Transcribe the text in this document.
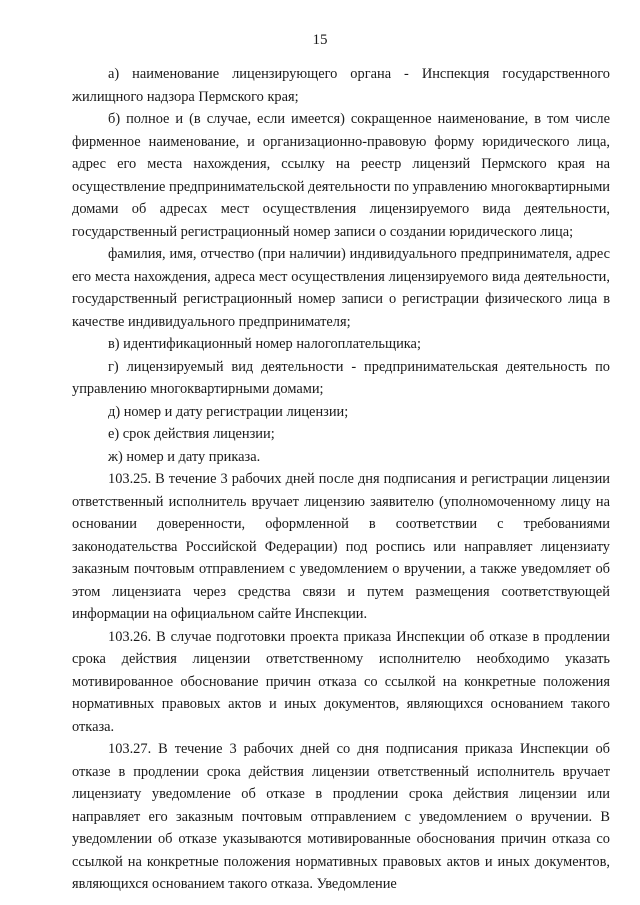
15

а) наименование лицензирующего органа - Инспекция государственного жилищного надзора Пермского края;

б) полное и (в случае, если имеется) сокращенное наименование, в том числе фирменное наименование, и организационно-правовую форму юридического лица, адрес его места нахождения, ссылку на реестр лицензий Пермского края на осуществление предпринимательской деятельности по управлению многоквартирными домами об адресах мест осуществления лицензируемого вида деятельности, государственный регистрационный номер записи о создании юридического лица;

фамилия, имя, отчество (при наличии) индивидуального предпринимателя, адрес его места нахождения, адреса мест осуществления лицензируемого вида деятельности, государственный регистрационный номер записи о регистрации физического лица в качестве индивидуального предпринимателя;

в) идентификационный номер налогоплательщика;

г) лицензируемый вид деятельности - предпринимательская деятельность по управлению многоквартирными домами;

д) номер и дату регистрации лицензии;

е) срок действия лицензии;

ж) номер и дату приказа.

103.25. В течение 3 рабочих дней после дня подписания и регистрации лицензии ответственный исполнитель вручает лицензию заявителю (уполномоченному лицу на основании доверенности, оформленной в соответствии с требованиями законодательства Российской Федерации) под роспись или направляет лицензиату заказным почтовым отправлением с уведомлением о вручении, а также уведомляет об этом лицензиата через средства связи и путем размещения соответствующей информации на официальном сайте Инспекции.

103.26. В случае подготовки проекта приказа Инспекции об отказе в продлении срока действия лицензии ответственному исполнителю необходимо указать мотивированное обоснование причин отказа со ссылкой на конкретные положения нормативных правовых актов и иных документов, являющихся основанием такого отказа.

103.27. В течение 3 рабочих дней со дня подписания приказа Инспекции об отказе в продлении срока действия лицензии ответственный исполнитель вручает лицензиату уведомление об отказе в продлении срока действия лицензии или направляет его заказным почтовым отправлением с уведомлением о вручении. В уведомлении об отказе указываются мотивированные обоснования причин отказа со ссылкой на конкретные положения нормативных правовых актов и иных документов, являющихся основанием такого отказа. Уведомление
